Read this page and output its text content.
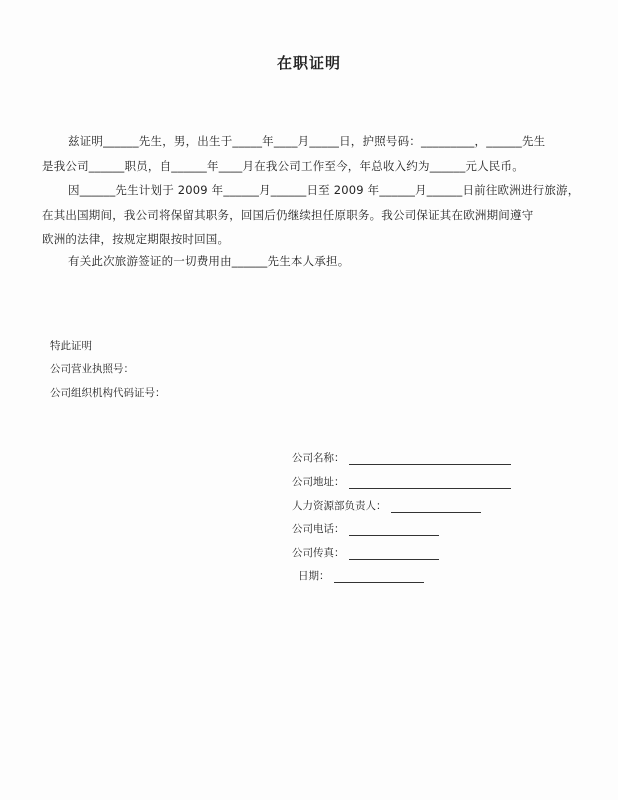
在职证明
兹证明______先生，男，出生于_____年____月_____日，护照号码：_________，______先生
是我公司______职员，自______年____月在我公司工作至今，年总收入约为______元人民币。
因______先生计划于 2009 年______月______日至 2009 年______月______日前往欧洲进行旅游，
在其出国期间，我公司将保留其职务，回国后仍继续担任原职务。我公司保证其在欧洲期间遵守
欧洲的法律，按规定期限按时回国。
有关此次旅游签证的一切费用由______先生本人承担。
特此证明
公司营业执照号：
公司组织机构代码证号：
公司名称：
公司地址：
人力资源部负责人：
公司电话：
公司传真：
日期：
